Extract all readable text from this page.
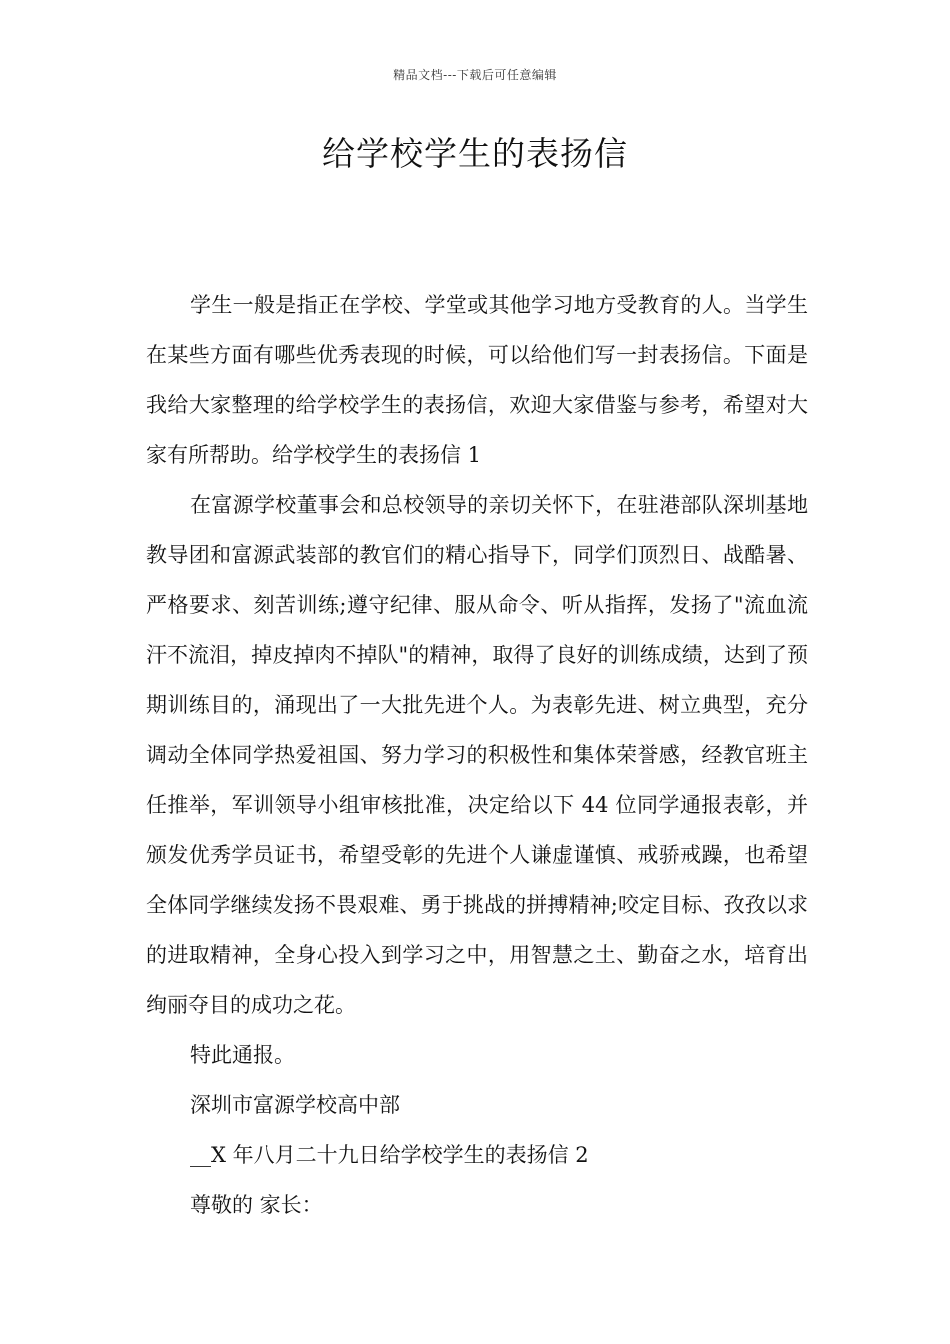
精品文档---下载后可任意编辑
给学校学生的表扬信

学生一般是指正在学校、学堂或其他学习地方受教育的人。当学生在某些方面有哪些优秀表现的时候，可以给他们写一封表扬信。下面是我给大家整理的给学校学生的表扬信，欢迎大家借鉴与参考，希望对大家有所帮助。给学校学生的表扬信 1

在富源学校董事会和总校领导的亲切关怀下，在驻港部队深圳基地教导团和富源武装部的教官们的精心指导下，同学们顶烈日、战酷暑、严格要求、刻苦训练;遵守纪律、服从命令、听从指挥，发扬了"流血流汗不流泪，掉皮掉肉不掉队"的精神，取得了良好的训练成绩，达到了预期训练目的，涌现出了一大批先进个人。为表彰先进、树立典型，充分调动全体同学热爱祖国、努力学习的积极性和集体荣誉感，经教官班主任推举，军训领导小组审核批准，决定给以下 44 位同学通报表彰，并颁发优秀学员证书，希望受彰的先进个人谦虚谨慎、戒骄戒躁，也希望全体同学继续发扬不畏艰难、勇于挑战的拼搏精神;咬定目标、孜孜以求的进取精神，全身心投入到学习之中，用智慧之土、勤奋之水，培育出绚丽夺目的成功之花。

特此通报。

深圳市富源学校高中部

__X 年八月二十九日给学校学生的表扬信 2

尊敬的 家长：
